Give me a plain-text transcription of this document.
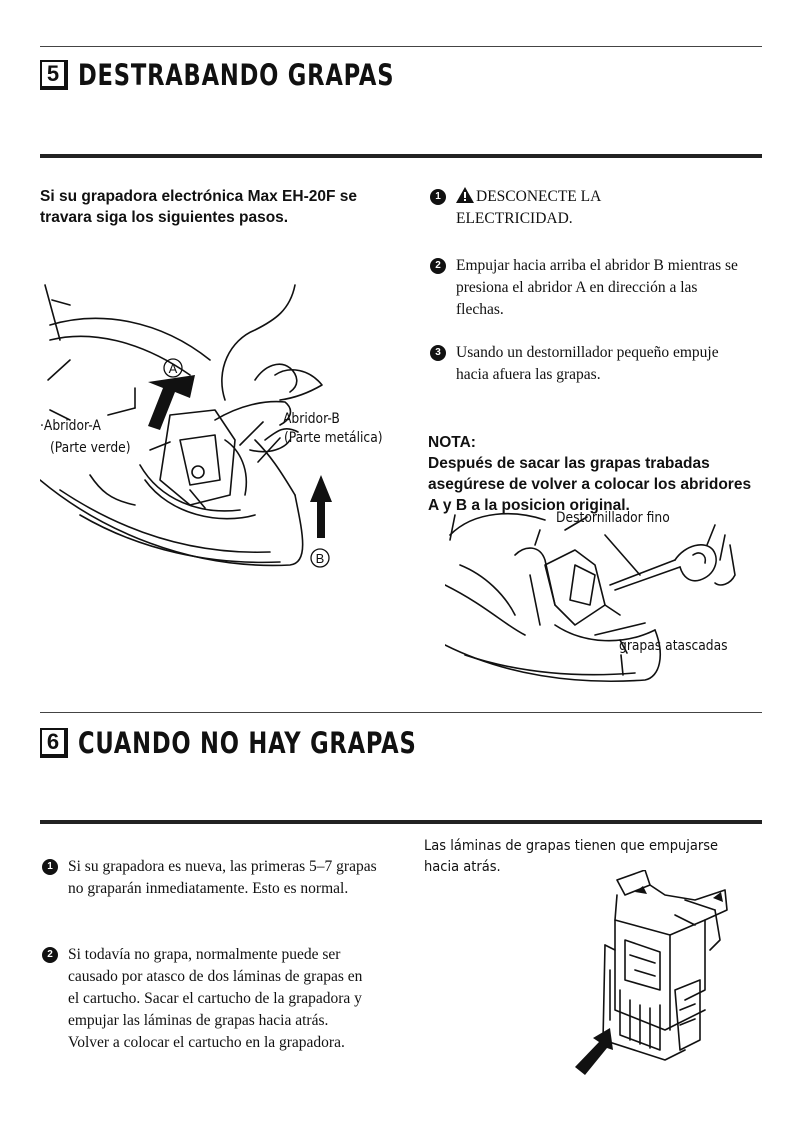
5 DESTRABANDO GRAPAS
Si su grapadora electrónica Max EH-20F se travara siga los siguientes pasos.
1	DESCONECTE LA ELECTRICIDAD.
2 Empujar hacia arriba el abridor B mientras se presiona el abridor A en dirección a las flechas.
3 Usando un destornillador pequeño empuje hacia afuera las grapas.
NOTA:
Después de sacar las grapas trabadas asegúrese de volver a colocar los abridores A y B a la posicion original.
A
B
·Abridor-A
(Parte verde)
Abridor-B
(Parte metálica)
Destornillador fino
grapas atascadas
6 CUANDO NO HAY GRAPAS
1 Si su grapadora es nueva, las primeras 5–7 grapas no graparán inmediatamente. Esto es normal.
2 Si todavía no grapa, normalmente puede ser causado por atasco de dos láminas de grapas en el cartucho. Sacar el cartucho de la grapadora y empujar las láminas de grapas hacia atrás. Volver a colocar el cartucho en la grapadora.
Las láminas de grapas tienen que empujarse hacia atrás.
